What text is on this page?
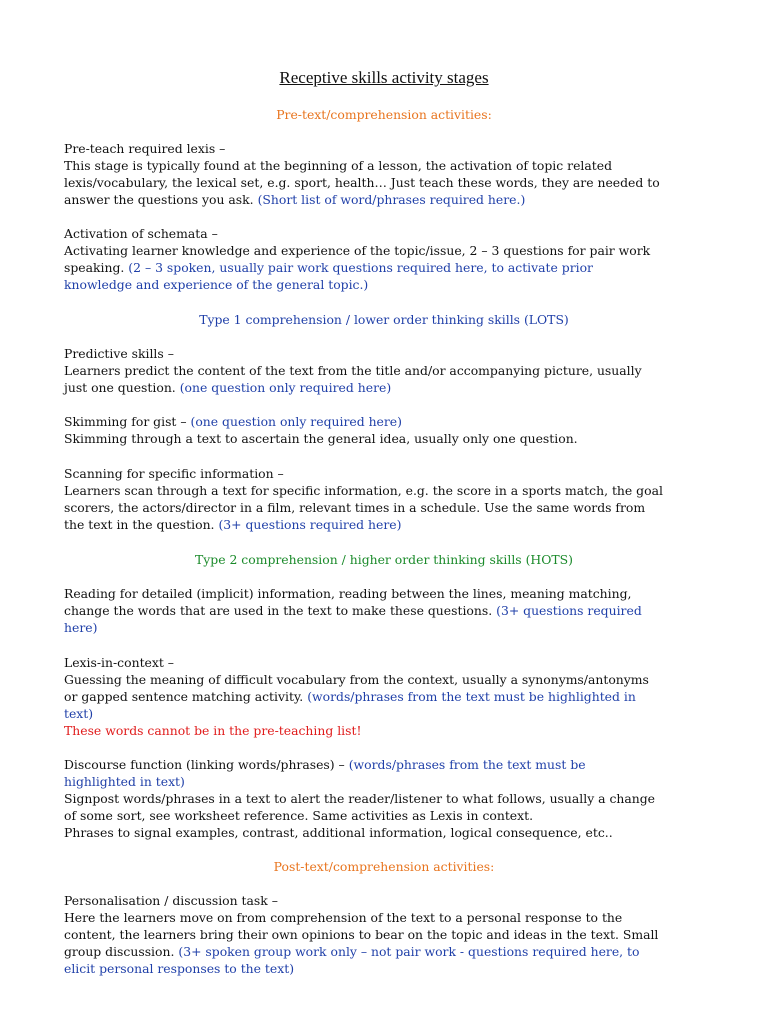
Receptive skills activity stages
Pre-text/comprehension activities:
Pre-teach required lexis –
This stage is typically found at the beginning of a lesson, the activation of topic related
lexis/vocabulary, the lexical set, e.g. sport, health… Just teach these words, they are needed to
answer the questions you ask. (Short list of word/phrases required here.)
Activation of schemata –
Activating learner knowledge and experience of the topic/issue, 2 – 3 questions for pair work
speaking. (2 – 3 spoken, usually pair work questions required here, to activate prior
knowledge and experience of the general topic.)
Type 1 comprehension / lower order thinking skills (LOTS)
Predictive skills –
Learners predict the content of the text from the title and/or accompanying picture, usually
just one question. (one question only required here)
Skimming for gist – (one question only required here)
Skimming through a text to ascertain the general idea, usually only one question.
Scanning for specific information –
Learners scan through a text for specific information, e.g. the score in a sports match, the goal
scorers, the actors/director in a film, relevant times in a schedule. Use the same words from
the text in the question. (3+ questions required here)
Type 2 comprehension / higher order thinking skills (HOTS)
Reading for detailed (implicit) information, reading between the lines, meaning matching,
change the words that are used in the text to make these questions. (3+ questions required
here)
Lexis-in-context –
Guessing the meaning of difficult vocabulary from the context, usually a synonyms/antonyms
or gapped sentence matching activity. (words/phrases from the text must be highlighted in
text)
These words cannot be in the pre-teaching list!
Discourse function (linking words/phrases) – (words/phrases from the text must be
highlighted in text)
Signpost words/phrases in a text to alert the reader/listener to what follows, usually a change
of some sort, see worksheet reference. Same activities as Lexis in context.
Phrases to signal examples, contrast, additional information, logical consequence, etc..
Post-text/comprehension activities:
Personalisation / discussion task –
Here the learners move on from comprehension of the text to a personal response to the
content, the learners bring their own opinions to bear on the topic and ideas in the text. Small
group discussion. (3+ spoken group work only – not pair work - questions required here, to
elicit personal responses to the text)
